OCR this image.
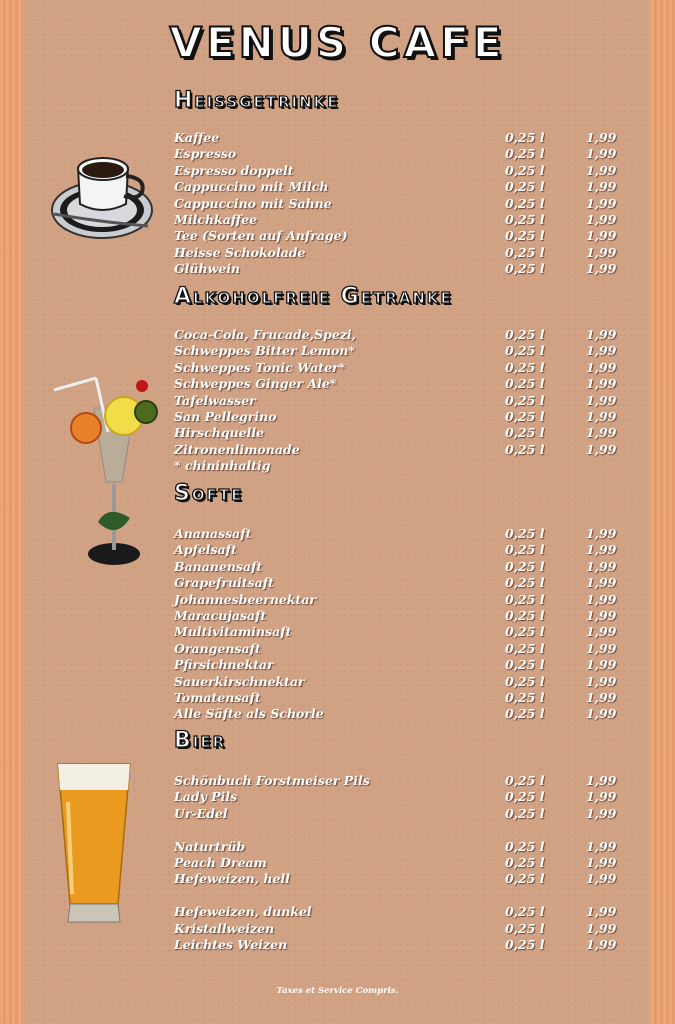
VENUS CAFE
Heissgetrinke
Kaffee	0,25 l	1,99
Espresso	0,25 l	1,99
Espresso doppelt	0,25 l	1,99
Cappuccino mit Milch	0,25 l	1,99
Cappuccino mit Sahne	0,25 l	1,99
Milchkaffee	0,25 l	1,99
Tee (Sorten auf Anfrage)	0,25 l	1,99
Heisse Schokolade	0,25 l	1,99
Glühwein	0,25 l	1,99
Alkoholfreie Getranke
Coca-Cola, Frucade,Spezi,	0,25 l	1,99
Schweppes Bitter Lemon*	0,25 l	1,99
Schweppes Tonic Water*	0,25 l	1,99
Schweppes Ginger Ale*	0,25 l	1,99
Tafelwasser	0,25 l	1,99
San Pellegrino	0,25 l	1,99
Hirschquelle	0,25 l	1,99
Zitronenlimonade	0,25 l	1,99
* chininhaltig
Softe
Ananassaft	0,25 l	1,99
Apfelsaft	0,25 l	1,99
Bananensaft	0,25 l	1,99
Grapefruitsaft	0,25 l	1,99
Johannesbeernektar	0,25 l	1,99
Maracujasaft	0,25 l	1,99
Multivitaminsaft	0,25 l	1,99
Orangensaft	0,25 l	1,99
Pfirsichnektar	0,25 l	1,99
Sauerkirschnektar	0,25 l	1,99
Tomatensaft	0,25 l	1,99
Alle Säfte als Schorle	0,25 l	1,99
Bier
Schönbuch Forstmeiser Pils	0,25 l	1,99
Lady Pils	0,25 l	1,99
Ur-Edel	0,25 l	1,99
Naturtrüb	0,25 l	1,99
Peach Dream	0,25 l	1,99
Hefeweizen, hell	0,25 l	1,99
Hefeweizen, dunkel	0,25 l	1,99
Kristallweizen	0,25 l	1,99
Leichtes Weizen	0,25 l	1,99
Taxes et Service Compris.
